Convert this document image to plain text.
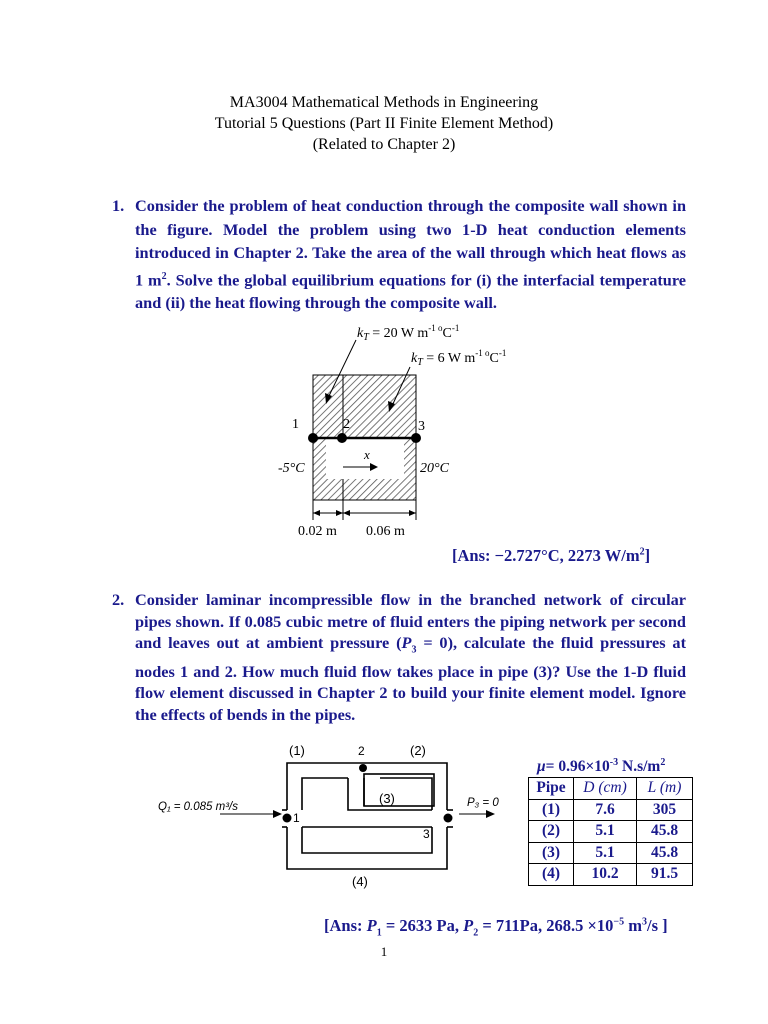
MA3004 Mathematical Methods in Engineering
Tutorial 5 Questions (Part II Finite Element Method)
(Related to Chapter 2)
1. Consider the problem of heat conduction through the composite wall shown in the figure. Model the problem using two 1-D heat conduction elements introduced in Chapter 2. Take the area of the wall through which heat flows as 1 $m^2$. Solve the global equilibrium equations for (i) the interfacial temperature and (ii) the heat flowing through the composite wall.
$k_T = 20$ W $m^{-1 o}C^{-1}$
$k_T = 6$ W $m^{-1 o}C^{-1}$
1	2	3
x
-5°C	20°C
0.02 m 0.06 m
[Ans: −2.727°C, 2273 $W/m^2$]
2. Consider laminar incompressible flow in the branched network of circular pipes shown. If 0.085 cubic metre of fluid enters the piping network per second and leaves out at ambient pressure $(P_3 = 0)$, calculate the fluid pressures at nodes 1 and 2. How much fluid flow takes place in pipe (3)? Use the 1-D fluid flow element discussed in Chapter 2 to build your finite element model. Ignore the effects of bends in the pipes.
(1)	(2)
(3)
(4)
2
1
3
Q₁ = 0.085 m³/s	P₃ = 0
$\mu= 0.96\times 10^{-3}$ $N.s/m^2$
Pipe	D (cm)	L (m)
(1)	7.6	305
(2)	5.1	45.8
(3)	5.1	45.8
(4)	10.2	91.5
[Ans: $P_1 = 2633$ Pa, $P_2 = 711Pa$, $268.5 \times 10^{-5}$ $m^3/s$ ]
1
